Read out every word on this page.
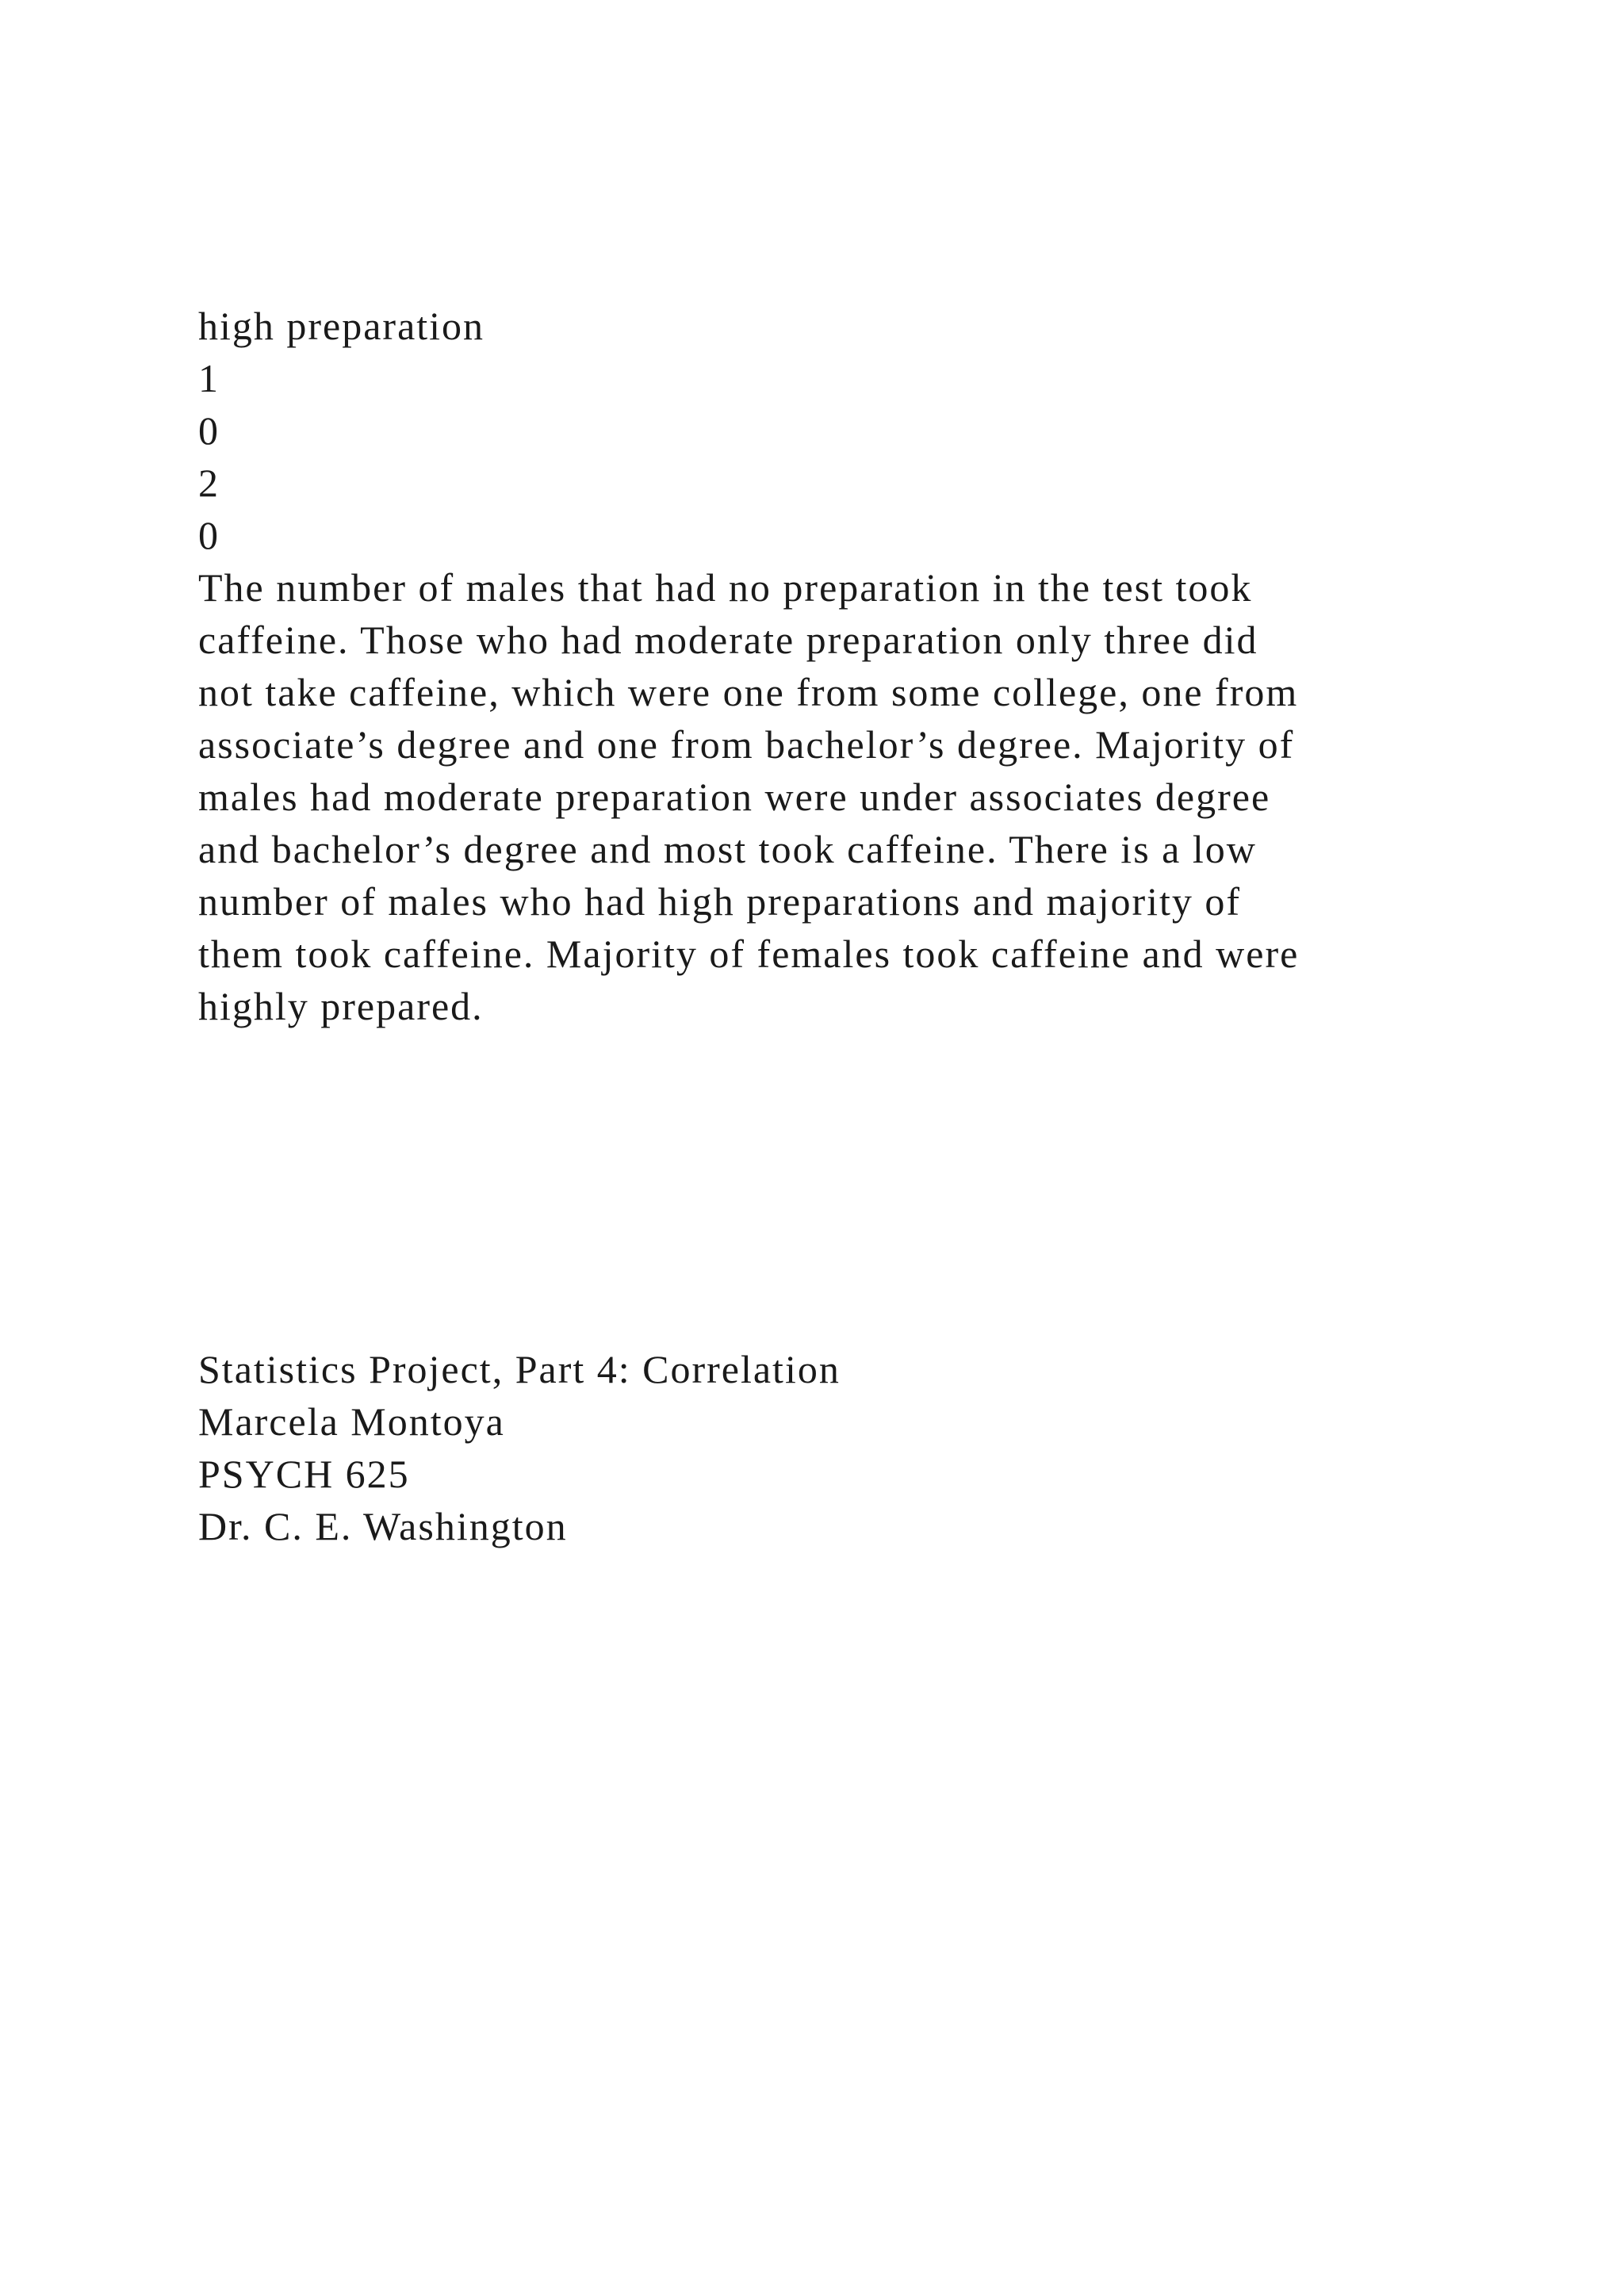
high preparation
1
0
2
0
The number of males that had no preparation in the test took
caffeine. Those who had moderate preparation only three did
not take caffeine, which were one from some college, one from
associate’s degree and one from bachelor’s degree. Majority of
males had moderate preparation were under associates degree
and bachelor’s degree and most took caffeine. There is a low
number of males who had high preparations and majority of
them took caffeine. Majority of females took caffeine and were
highly prepared.
Statistics Project, Part 4: Correlation
Marcela Montoya
PSYCH 625
Dr. C. E. Washington
